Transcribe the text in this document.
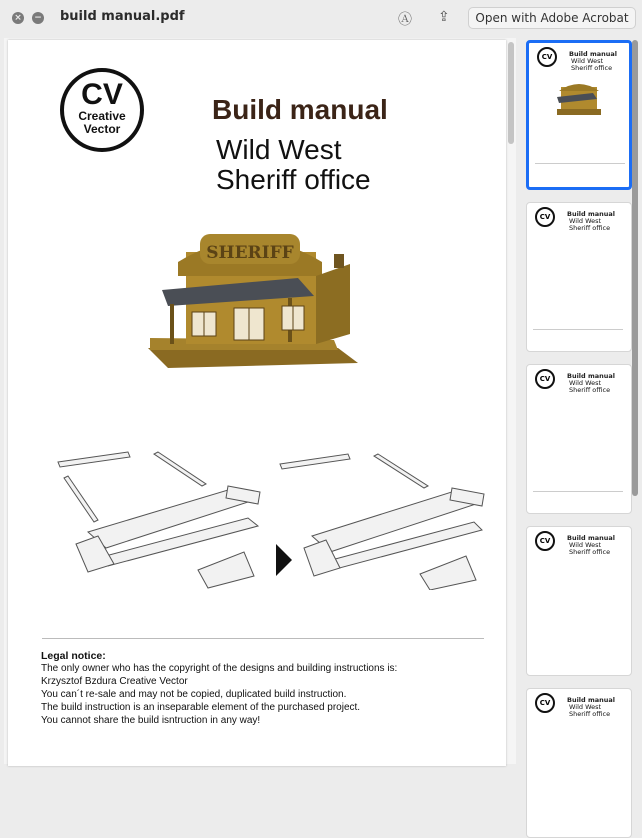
× − build manual.pdf	Ⓐ ⇪	Open with Adobe Acrobat
CV
Creative
Vector
Build manual
Wild West
Sheriff office
SHERIFF
Legal notice:
The only owner who has the copyright of the designs and building instructions is:
Krzysztof Bzdura Creative Vector
You can´t re-sale and may not be copied, duplicated build instruction.
The build instruction is an inseparable element of the purchased project.
You cannot share the build isntruction in any way!
CV	Build manual
Wild West
Sheriff office
CV	Build manual
Wild West
Sheriff office
CV	Build manual
Wild West
Sheriff office
CV	Build manual
Wild West
Sheriff office
CV	Build manual
Wild West
Sheriff office
